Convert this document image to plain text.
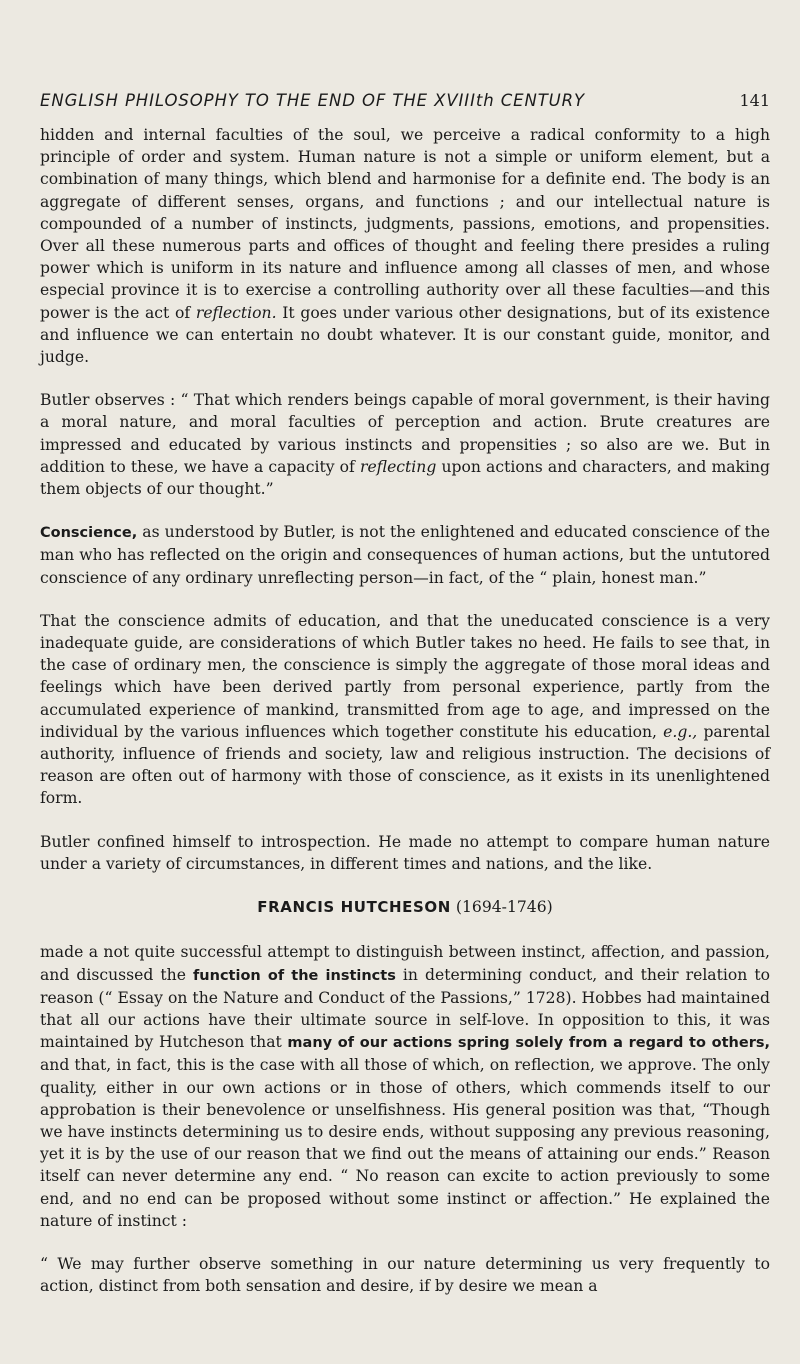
ENGLISH PHILOSOPHY TO THE END OF THE XVIIIth CENTURY	141

hidden and internal faculties of the soul, we perceive a radical conformity to a high principle of order and system. Human nature is not a simple or uniform element, but a combination of many things, which blend and harmonise for a definite end. The body is an aggregate of different senses, organs, and functions ; and our intellectual nature is compounded of a number of instincts, judgments, passions, emotions, and propensities. Over all these numerous parts and offices of thought and feeling there presides a ruling power which is uniform in its nature and influence among all classes of men, and whose especial province it is to exercise a controlling authority over all these faculties—and this power is the act of reflection. It goes under various other designations, but of its existence and influence we can entertain no doubt whatever. It is our constant guide, monitor, and judge.

Butler observes : “ That which renders beings capable of moral government, is their having a moral nature, and moral faculties of perception and action. Brute creatures are impressed and educated by various instincts and propensities ; so also are we. But in addition to these, we have a capacity of reflecting upon actions and characters, and making them objects of our thought.”

Conscience, as understood by Butler, is not the enlightened and educated conscience of the man who has reflected on the origin and consequences of human actions, but the untutored conscience of any ordinary unreflecting person—in fact, of the “ plain, honest man.”

That the conscience admits of education, and that the uneducated conscience is a very inadequate guide, are considerations of which Butler takes no heed. He fails to see that, in the case of ordinary men, the conscience is simply the aggregate of those moral ideas and feelings which have been derived partly from personal experience, partly from the accumulated experience of mankind, transmitted from age to age, and impressed on the individual by the various influences which together constitute his education, e.g., parental authority, influence of friends and society, law and religious instruction. The decisions of reason are often out of harmony with those of conscience, as it exists in its unenlightened form.

Butler confined himself to introspection. He made no attempt to compare human nature under a variety of circumstances, in different times and nations, and the like.

FRANCIS HUTCHESON (1694-1746)

made a not quite successful attempt to distinguish between instinct, affection, and passion, and discussed the function of the instincts in determining conduct, and their relation to reason (“ Essay on the Nature and Conduct of the Passions,” 1728). Hobbes had maintained that all our actions have their ultimate source in self-love. In opposition to this, it was maintained by Hutcheson that many of our actions spring solely from a regard to others, and that, in fact, this is the case with all those of which, on reflection, we approve. The only quality, either in our own actions or in those of others, which commends itself to our approbation is their benevolence or unselfishness. His general position was that, “Though we have instincts determining us to desire ends, without supposing any previous reasoning, yet it is by the use of our reason that we find out the means of attaining our ends.” Reason itself can never determine any end. “ No reason can excite to action previously to some end, and no end can be proposed without some instinct or affection.” He explained the nature of instinct :

“ We may further observe something in our nature determining us very frequently to action, distinct from both sensation and desire, if by desire we mean a
